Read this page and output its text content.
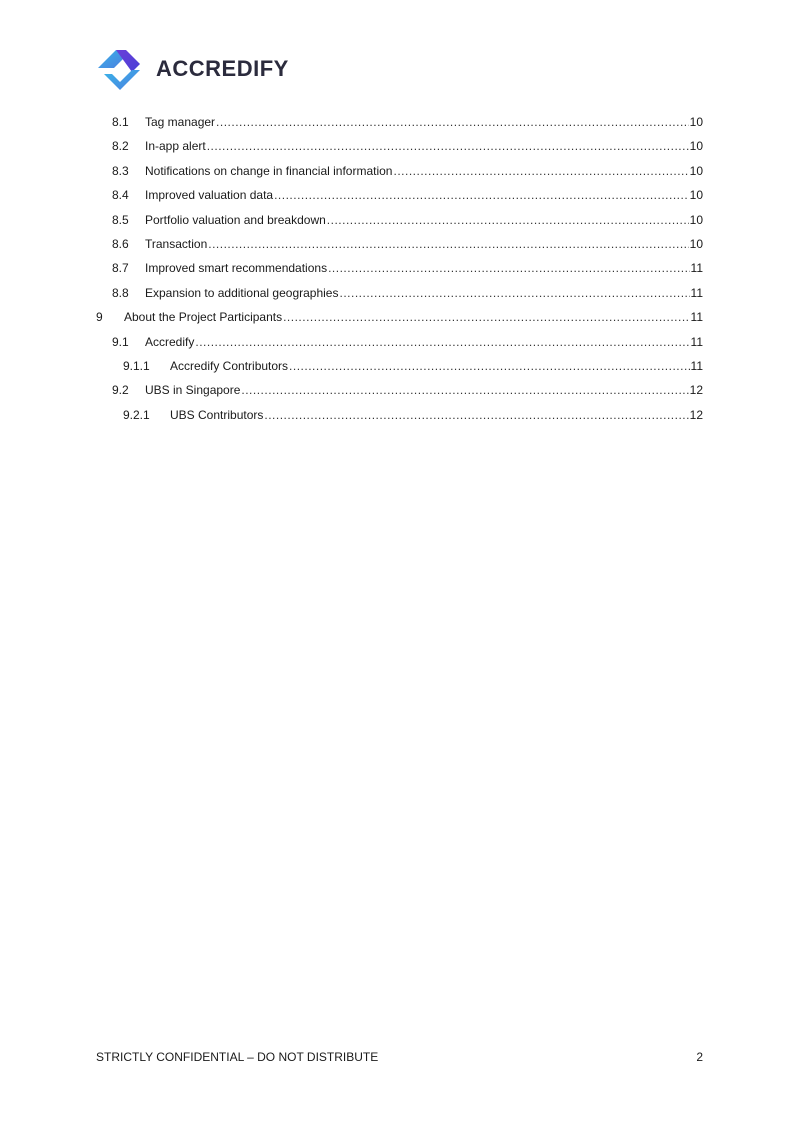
ACCREDIFY
8.1 Tag manager .....	10
8.2 In-app alert .....	10
8.3 Notifications on change in financial information .....	10
8.4 Improved valuation data .....	10
8.5 Portfolio valuation and breakdown .....	10
8.6 Transaction .....	10
8.7 Improved smart recommendations .....	11
8.8 Expansion to additional geographies .....	11
9 About the Project Participants .....	11
9.1 Accredify .....	11
9.1.1 Accredify Contributors .....	11
9.2 UBS in Singapore .....	12
9.2.1 UBS Contributors .....	12
STRICTLY CONFIDENTIAL – DO NOT DISTRIBUTE	2
